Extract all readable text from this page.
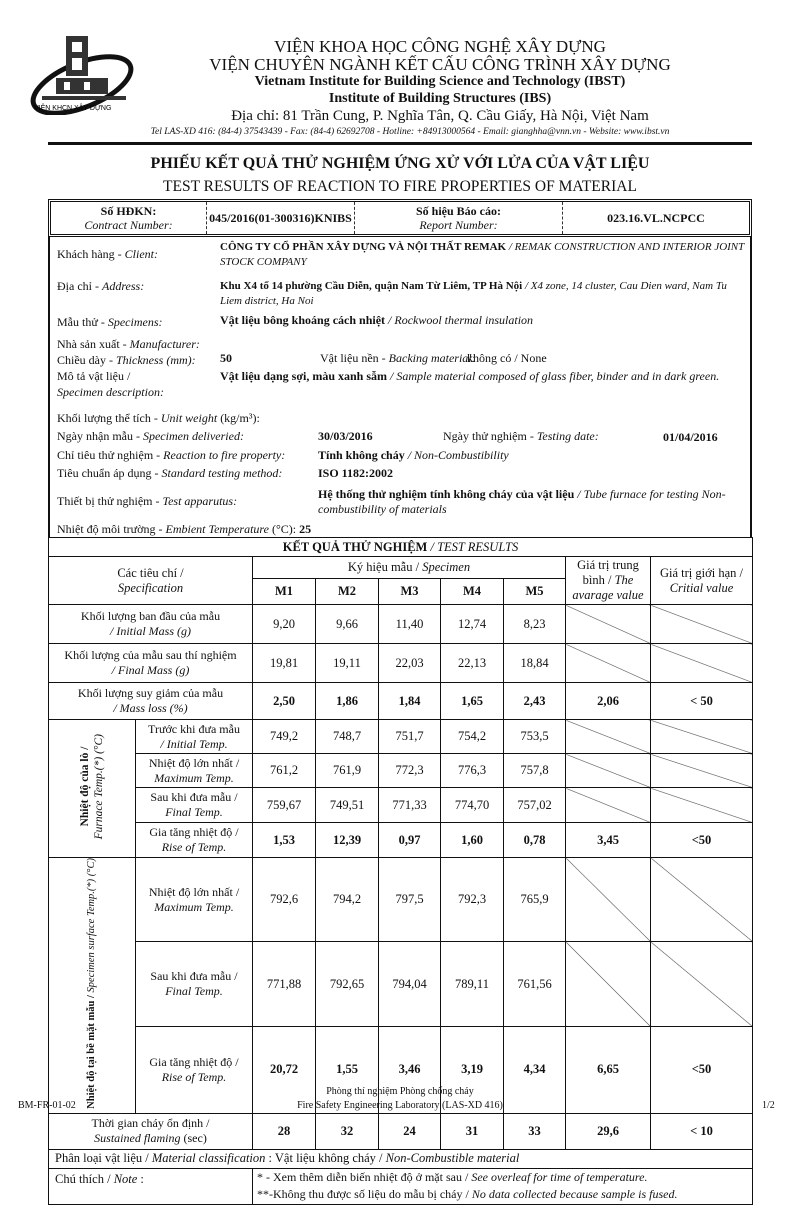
VIỆN KHCN XÂY DỰNG
VIỆN KHOA HỌC CÔNG NGHỆ XÂY DỰNG
VIỆN CHUYÊN NGÀNH KẾT CẤU CÔNG TRÌNH XÂY DỰNG
Vietnam Institute for Building Science and Technology (IBST)
Institute of Building Structures (IBS)
Địa chỉ: 81 Trần Cung, P. Nghĩa Tân, Q. Cầu Giấy, Hà Nội, Việt Nam
Tel LAS-XD 416: (84-4) 37543439 - Fax: (84-4) 62692708 - Hotline: +84913000564 - Email: gianghha@vnn.vn - Website: www.ibst.vn
PHIẾU KẾT QUẢ THỬ NGHIỆM ỨNG XỬ VỚI LỬA CỦA VẬT LIỆU
TEST RESULTS OF REACTION TO FIRE PROPERTIES OF MATERIAL
Số HĐKN:
Contract Number:	045/2016(01-300316)KNIBS	Số hiệu Báo cáo:
Report Number:	023.16.VL.NCPCC
Khách hàng - Client:	CÔNG TY CỔ PHẦN XÂY DỰNG VÀ NỘI THẤT REMAK / REMAK CONSTRUCTION AND INTERIOR JOINT STOCK COMPANY
Địa chỉ - Address:	Khu X4 tổ 14 phường Cầu Diễn, quận Nam Từ Liêm, TP Hà Nội / X4 zone, 14 cluster, Cau Dien ward, Nam Tu Liem district, Ha Noi
Mẫu thử - Specimens:	Vật liệu bông khoáng cách nhiệt / Rockwool thermal insulation
Nhà sản xuất - Manufacturer:
Chiều dày - Thickness (mm): 50	Vật liệu nền - Backing material:
không có / None
Mô tả vật liệu /
Specimen description:
Vật liệu dạng sợi, màu xanh sẫm / Sample material composed of glass fiber, binder and in dark green.
Khối lượng thể tích - Unit weight (kg/m³):
Ngày nhận mẫu - Specimen deliveried:	30/03/2016	Ngày thử nghiệm - Testing date:	01/04/2016
Chỉ tiêu thử nghiệm - Reaction to fire property:	Tính không cháy / Non-Combustibility
Tiêu chuẩn áp dụng - Standard testing method:	ISO 1182:2002
Thiết bị thử nghiệm - Test apparutus:	Hệ thống thử nghiệm tính không cháy của vật liệu / Tube furnace for testing Non-combustibility of materials
Nhiệt độ môi trường - Embient Temperature (°C): 25
KẾT QUẢ THỬ NGHIỆM / TEST RESULTS								
Các tiêu chí /
Specification		Ký hiệu mẫu / Specimen					Giá trị trung bình / The avarage value	Giá trị giới hạn / Critial value
		M1	M2	M3	M4	M5		
Khối lượng ban đầu của mẫu
/ Initial Mass (g)		9,20	9,66	11,40	12,74	8,23		
Khối lượng của mẫu sau thí nghiệm
/ Final Mass (g)		19,81	19,11	22,03	22,13	18,84		
Khối lượng suy giảm của mẫu
/ Mass loss (%)		2,50	1,86	1,84	1,65	2,43	2,06	< 50
Nhiệt độ của lò / Furnace Temp.(*) (°C)	Trước khi đưa mẫu
/ Initial Temp.	749,2	748,7	751,7	754,2	753,5		
	Nhiệt độ lớn nhất /
Maximum Temp.	761,2	761,9	772,3	776,3	757,8		
	Sau khi đưa mẫu /
Final Temp.	759,67	749,51	771,33	774,70	757,02		
	Gia tăng nhiệt độ /
Rise of Temp.	1,53	12,39	0,97	1,60	0,78	3,45	<50
Nhiệt độ tại bề mặt mẫu / Specimen surface Temp.(*) (°C)	Nhiệt độ lớn nhất /
Maximum Temp.	792,6	794,2	797,5	792,3	765,9		
	Sau khi đưa mẫu /
Final Temp.	771,88	792,65	794,04	789,11	761,56		
	Gia tăng nhiệt độ /
Rise of Temp.	20,72	1,55	3,46	3,19	4,34	6,65	<50
Thời gian cháy ổn định /
Sustained flaming (sec)		28	32	24	31	33	29,6	< 10
Phân loại vật liệu / Material classification : Vật liệu không cháy / Non-Combustible material								
Chú thích / Note :		* - Xem thêm diễn biến nhiệt độ ở mặt sau / See overleaf for time of temperature.
**-Không thu được số liệu do mẫu bị cháy / No data collected because sample is fused.						
Phòng thí nghiệm Phòng chống cháy
Fire Safety Engineering Laboratory (LAS-XD 416)
BM-FR-01-02	1/2
